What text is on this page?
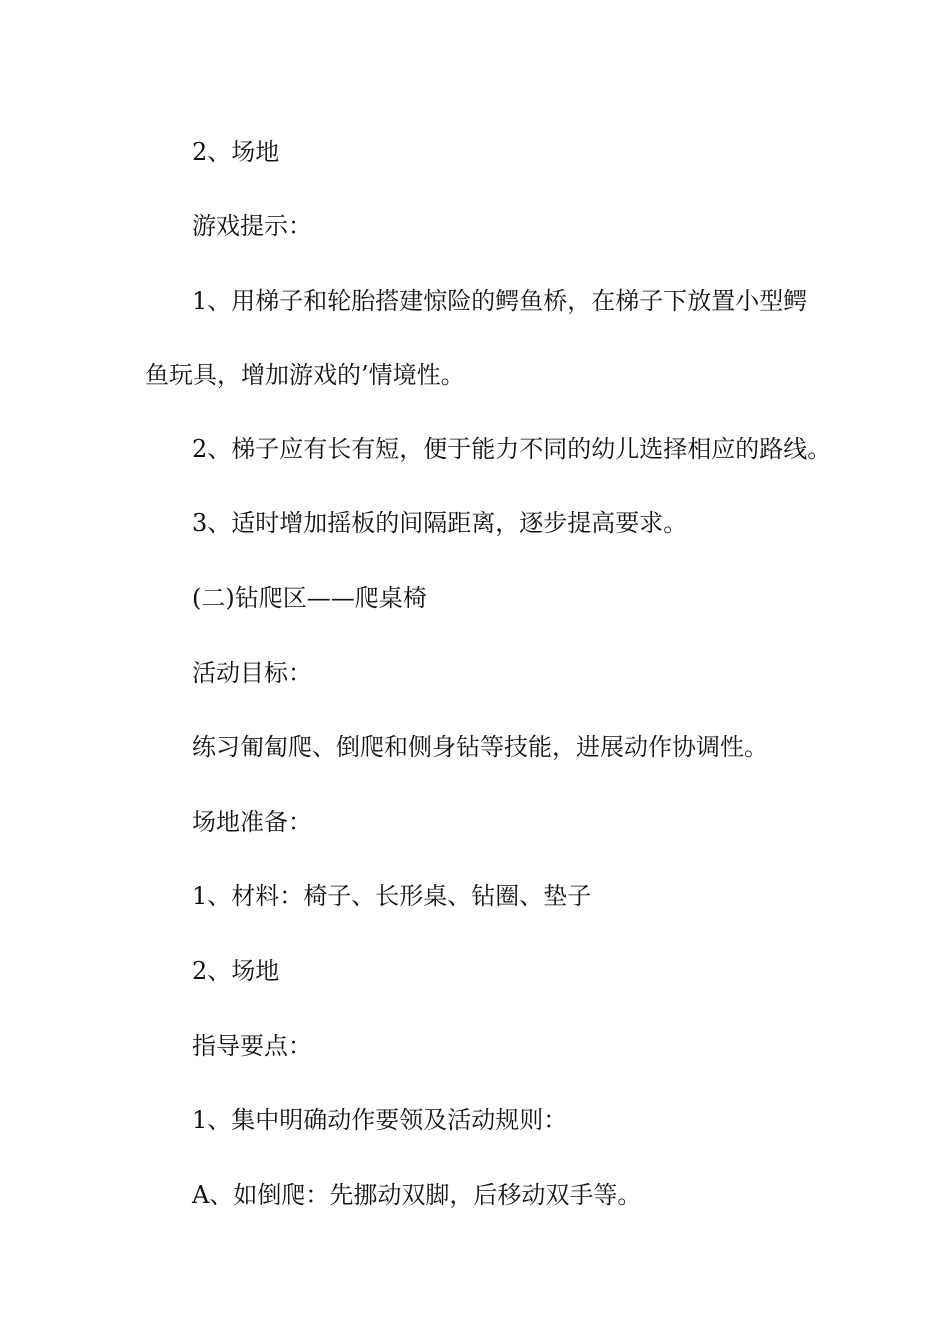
2、场地
游戏提示：
1、用梯子和轮胎搭建惊险的鳄鱼桥，在梯子下放置小型鳄
鱼玩具，增加游戏的’情境性。
2、梯子应有长有短，便于能力不同的幼儿选择相应的路线。
3、适时增加摇板的间隔距离，逐步提高要求。
(二)钻爬区——爬桌椅
活动目标：
练习匍匐爬、倒爬和侧身钻等技能，进展动作协调性。
场地准备：
1、材料：椅子、长形桌、钻圈、垫子
2、场地
指导要点：
1、集中明确动作要领及活动规则：
A、如倒爬：先挪动双脚，后移动双手等。
